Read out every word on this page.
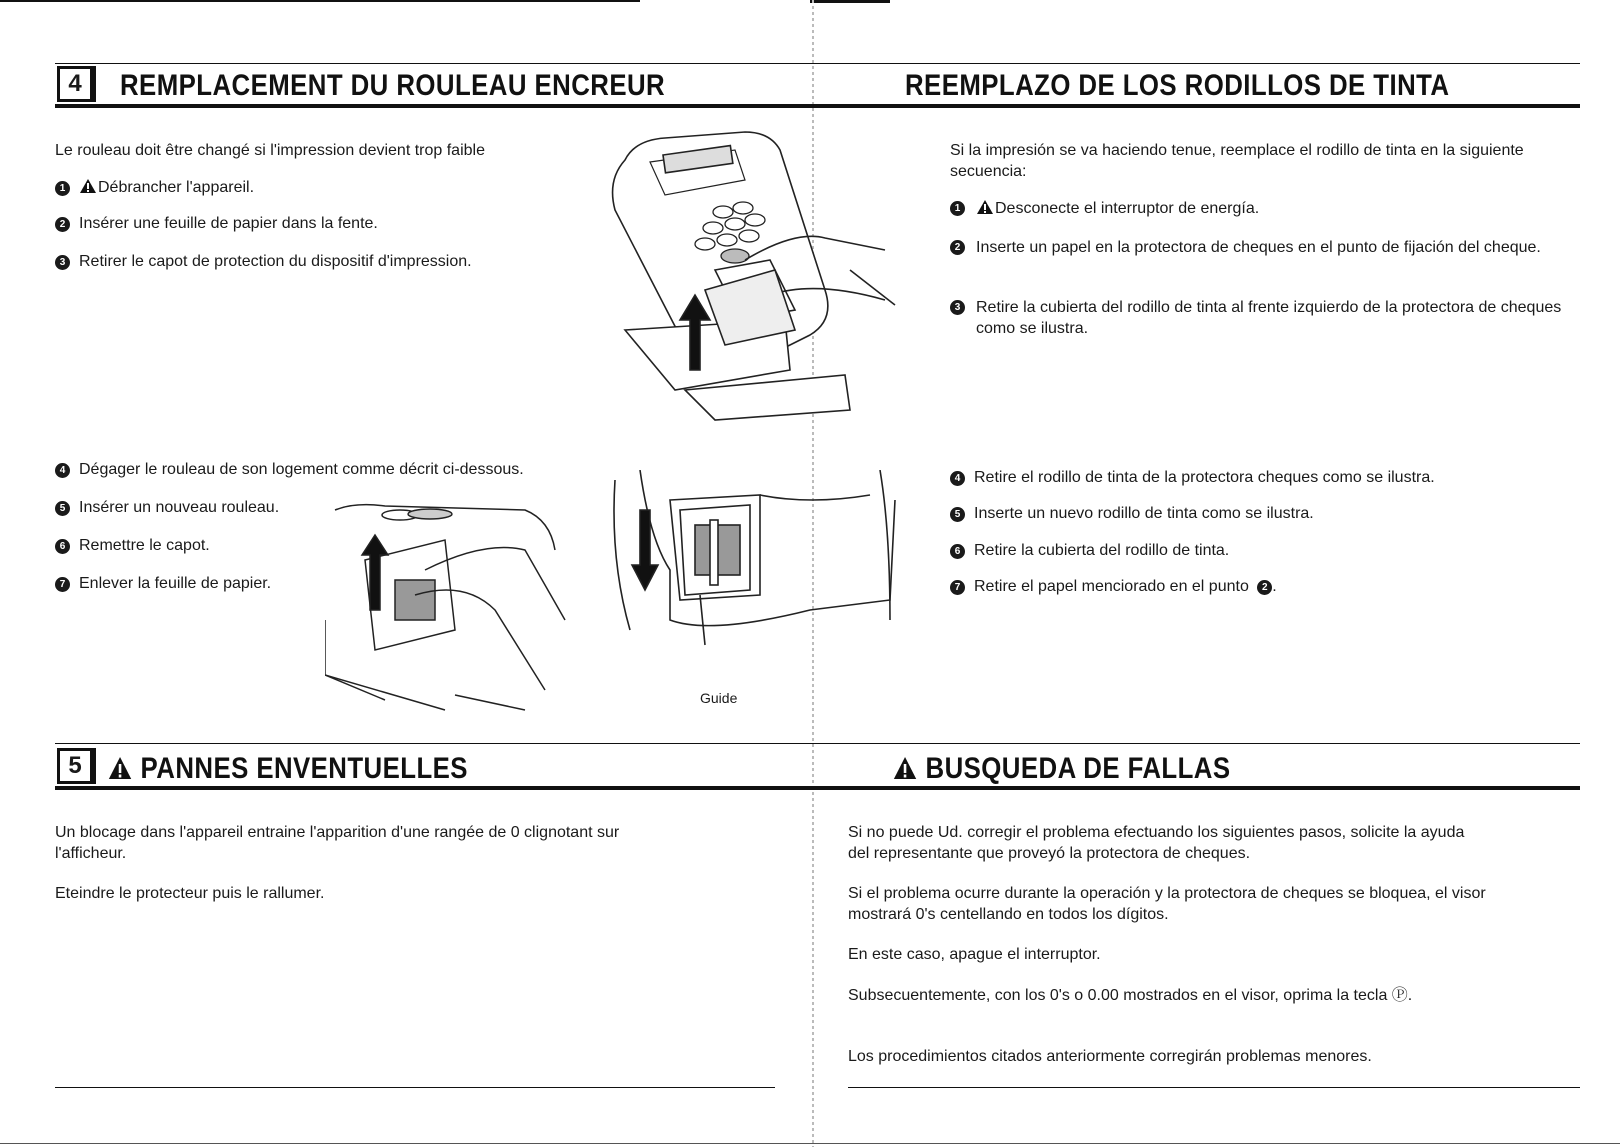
4	REMPLACEMENT DU ROULEAU ENCREUR
Le rouleau doit être changé si l'impression devient trop faible
1 Débrancher l'appareil.
2 Insérer une feuille de papier dans la fente.
3 Retirer le capot de protection du dispositif d'impression.
4 Dégager le rouleau de son logement comme décrit ci-dessous.
5 Insérer un nouveau rouleau.
6 Remettre le capot.
7 Enlever la feuille de papier.
Guide
5	PANNES ENVENTUELLES
Un blocage dans l'appareil entraine l'apparition d'une rangée de 0 clignotant sur l'afficheur.
Eteindre le protecteur puis le rallumer.
REEMPLAZO DE LOS RODILLOS DE TINTA
Si la impresión se va haciendo tenue, reemplace el rodillo de tinta en la siguiente secuencia:
1	Desconecte el interruptor de energía.
2 Inserte un papel en la protectora de cheques en el punto de fijación del cheque.
3 Retire la cubierta del rodillo de tinta al frente izquierdo de la protectora de cheques como se ilustra.
4 Retire el rodillo de tinta de la protectora cheques como se ilustra.
5 Inserte un nuevo rodillo de tinta como se ilustra.
6 Retire la cubierta del rodillo de tinta.
7 Retire el papel menciorado en el punto 2 .
BUSQUEDA DE FALLAS
Si no puede Ud. corregir el problema efectuando los siguientes pasos, solicite la ayuda del representante que proveyó la protectora de cheques.
Si el problema ocurre durante la operación y la protectora de cheques se bloquea, el visor mostrará 0's centellando en todos los dígitos.
En este caso, apague el interruptor.
Subsecuentemente, con los 0's o 0.00 mostrados en el visor, oprima la tecla Ⓟ.
Los procedimientos citados anteriormente corregirán problemas menores.
